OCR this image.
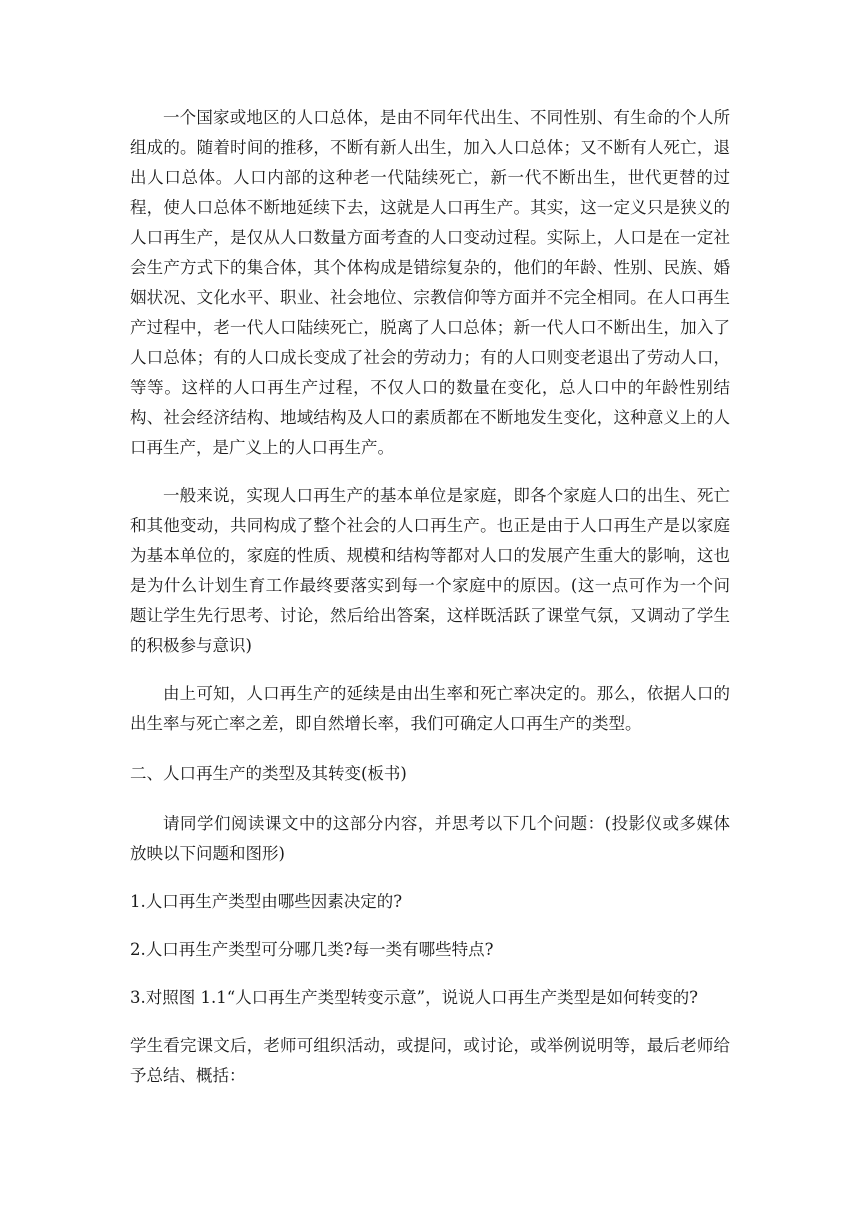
一个国家或地区的人口总体，是由不同年代出生、不同性别、有生命的个人所组成的。随着时间的推移，不断有新人出生，加入人口总体；又不断有人死亡，退出人口总体。人口内部的这种老一代陆续死亡，新一代不断出生，世代更替的过程，使人口总体不断地延续下去，这就是人口再生产。其实，这一定义只是狭义的人口再生产，是仅从人口数量方面考查的人口变动过程。实际上，人口是在一定社会生产方式下的集合体，其个体构成是错综复杂的，他们的年龄、性别、民族、婚姻状况、文化水平、职业、社会地位、宗教信仰等方面并不完全相同。在人口再生产过程中，老一代人口陆续死亡，脱离了人口总体；新一代人口不断出生，加入了人口总体；有的人口成长变成了社会的劳动力；有的人口则变老退出了劳动人口，等等。这样的人口再生产过程，不仅人口的数量在变化，总人口中的年龄性别结构、社会经济结构、地域结构及人口的素质都在不断地发生变化，这种意义上的人口再生产，是广义上的人口再生产。

一般来说，实现人口再生产的基本单位是家庭，即各个家庭人口的出生、死亡和其他变动，共同构成了整个社会的人口再生产。也正是由于人口再生产是以家庭为基本单位的，家庭的性质、规模和结构等都对人口的发展产生重大的影响，这也是为什么计划生育工作最终要落实到每一个家庭中的原因。(这一点可作为一个问题让学生先行思考、讨论，然后给出答案，这样既活跃了课堂气氛，又调动了学生的积极参与意识)

由上可知，人口再生产的延续是由出生率和死亡率决定的。那么，依据人口的出生率与死亡率之差，即自然增长率，我们可确定人口再生产的类型。

二、人口再生产的类型及其转变(板书)

请同学们阅读课文中的这部分内容，并思考以下几个问题：(投影仪或多媒体放映以下问题和图形)

1.人口再生产类型由哪些因素决定的?

2.人口再生产类型可分哪几类?每一类有哪些特点?

3.对照图 1.1“人口再生产类型转变示意”，说说人口再生产类型是如何转变的?

学生看完课文后，老师可组织活动，或提问，或讨论，或举例说明等，最后老师给予总结、概括：
